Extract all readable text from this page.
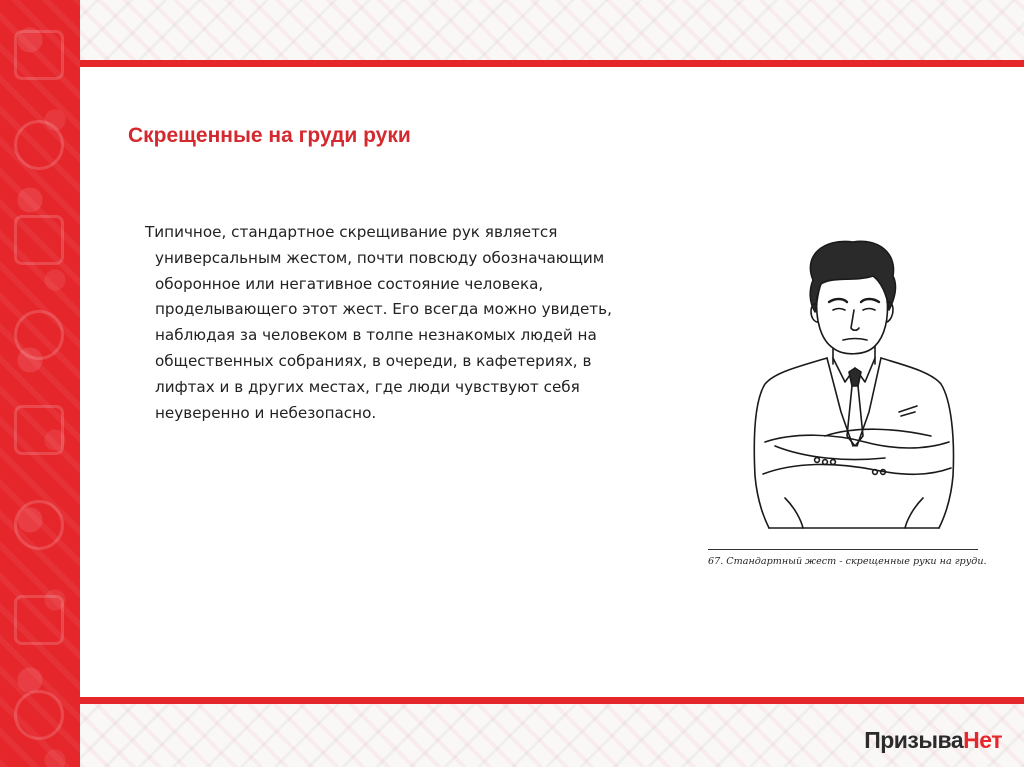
Скрещенные на груди руки
Типичное, стандартное скрещивание рук является
универсальным жестом, почти повсюду обозначающим
оборонное или негативное состояние человека,
проделывающего этот жест. Его всегда можно увидеть,
наблюдая за человеком в толпе незнакомых людей на
общественных собраниях, в очереди, в кафетериях, в
лифтах и в других местах, где люди чувствуют себя
неуверенно и небезопасно.
67. Стандартный жест - скрещенные руки на груди.
ПризываНет
